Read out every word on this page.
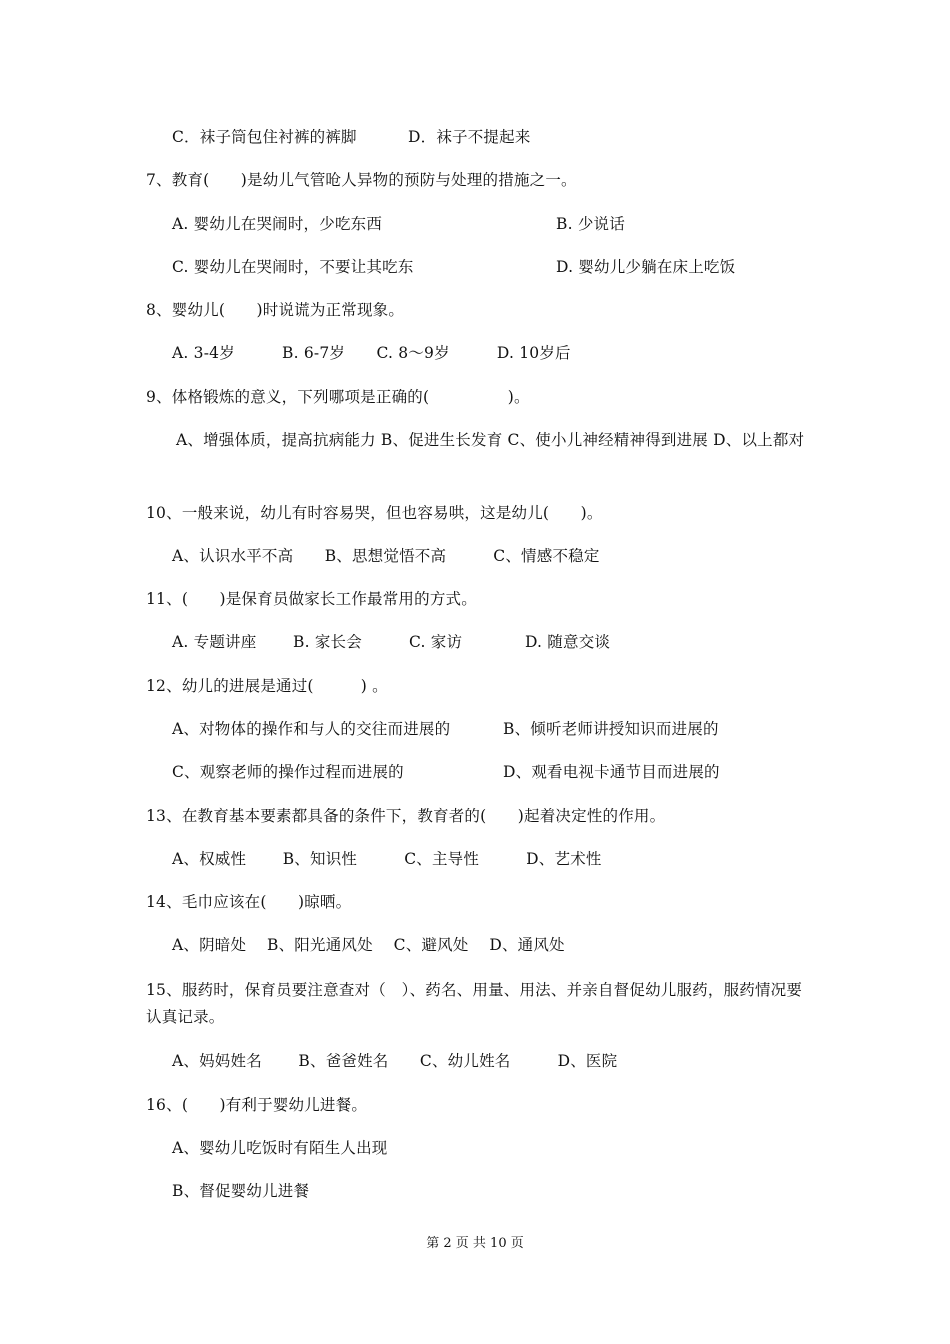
C．袜子筒包住衬裤的裤脚	D．袜子不提起来
7、教育(　　)是幼儿气管呛人异物的预防与处理的措施之一。
A. 婴幼儿在哭闹时，少吃东西	B. 少说话
C. 婴幼儿在哭闹时，不要让其吃东	D. 婴幼儿少躺在床上吃饭
8、婴幼儿(　　)时说谎为正常现象。
A. 3-4岁　　　B. 6-7岁　　C. 8～9岁　　　D. 10岁后
9、体格锻炼的意义，下列哪项是正确的(　　　　　)。
A、增强体质，提高抗病能力 B、促进生长发育 C、使小儿神经精神得到进展 D、以上都对
10、一般来说，幼儿有时容易哭，但也容易哄，这是幼儿(　　)。
A、认识水平不高　　B、思想觉悟不高　　　C、情感不稳定
11、(　　)是保育员做家长工作最常用的方式。
A. 专题讲座　　 B. 家长会　　　C. 家访　　　　D. 随意交谈
12、幼儿的进展是通过(　　　) 。
A、对物体的操作和与人的交往而进展的	B、倾听老师讲授知识而进展的
C、观察老师的操作过程而进展的	D、观看电视卡通节目而进展的
13、在教育基本要素都具备的条件下，教育者的(　　)起着决定性的作用。
A、权威性　　 B、知识性　　　C、主导性　　　D、艺术性
14、毛巾应该在(　　)晾晒。
A、阴暗处　 B、阳光通风处　 C、避风处　 D、通风处
15、服药时，保育员要注意查对（　）、药名、用量、用法、并亲自督促幼儿服药，服药情况要认真记录。
A、妈妈姓名　　 B、爸爸姓名　　C、幼儿姓名　　　D、医院
16、(　　)有利于婴幼儿进餐。
A、婴幼儿吃饭时有陌生人出现
B、督促婴幼儿进餐
第 2 页 共 10 页
